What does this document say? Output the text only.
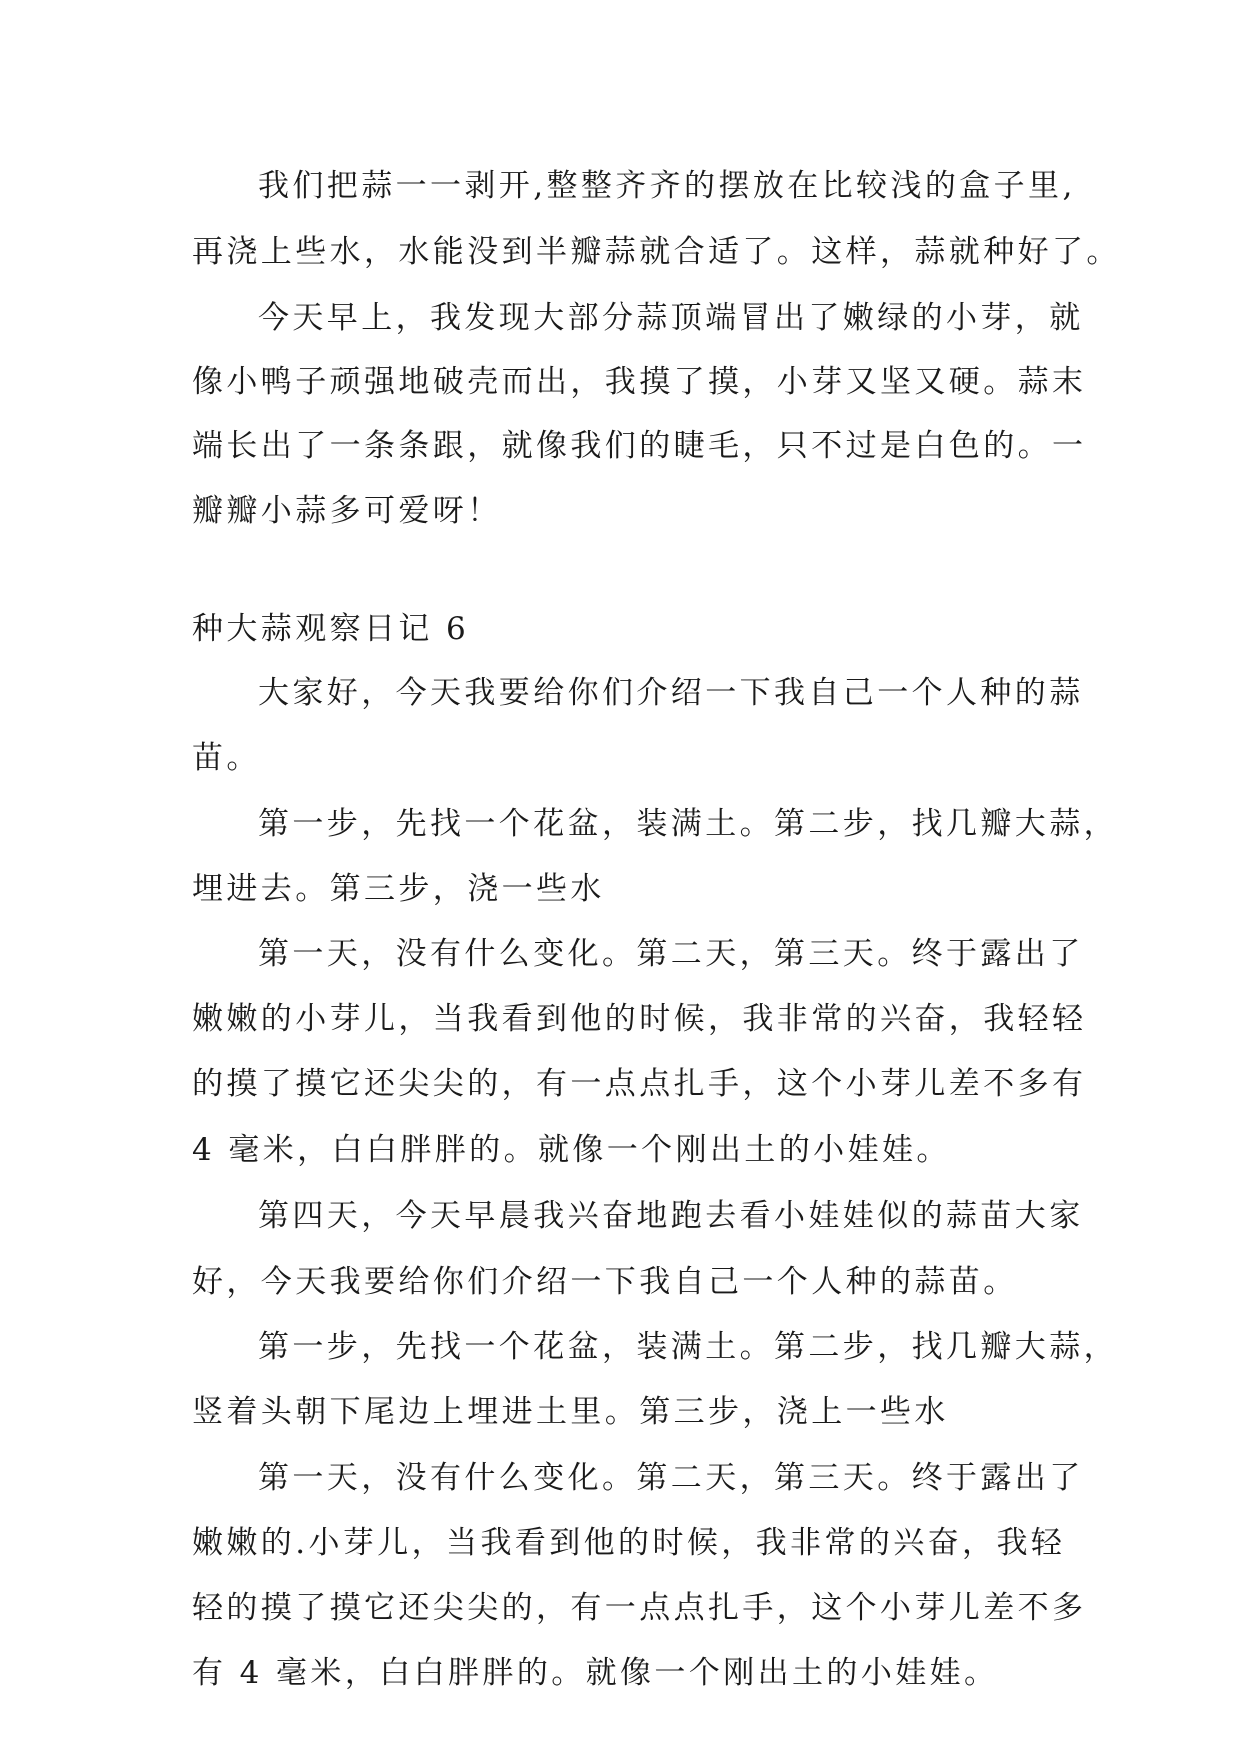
我们把蒜一一剥开,整整齐齐的摆放在比较浅的盒子里,
再浇上些水，水能没到半瓣蒜就合适了。这样，蒜就种好了。
今天早上，我发现大部分蒜顶端冒出了嫩绿的小芽，就
像小鸭子顽强地破壳而出，我摸了摸，小芽又坚又硬。蒜末
端长出了一条条跟，就像我们的睫毛，只不过是白色的。一
瓣瓣小蒜多可爱呀！
种大蒜观察日记 6
大家好，今天我要给你们介绍一下我自己一个人种的蒜
苗。
第一步，先找一个花盆，装满土。第二步，找几瓣大蒜，
埋进去。第三步，浇一些水
第一天，没有什么变化。第二天，第三天。终于露出了
嫩嫩的小芽儿，当我看到他的时候，我非常的兴奋，我轻轻
的摸了摸它还尖尖的，有一点点扎手，这个小芽儿差不多有
4 毫米，白白胖胖的。就像一个刚出土的小娃娃。
第四天，今天早晨我兴奋地跑去看小娃娃似的蒜苗大家
好，今天我要给你们介绍一下我自己一个人种的蒜苗。
第一步，先找一个花盆，装满土。第二步，找几瓣大蒜，
竖着头朝下尾边上埋进土里。第三步，浇上一些水
第一天，没有什么变化。第二天，第三天。终于露出了
嫩嫩的.小芽儿，当我看到他的时候，我非常的兴奋，我轻
轻的摸了摸它还尖尖的，有一点点扎手，这个小芽儿差不多
有 4 毫米，白白胖胖的。就像一个刚出土的小娃娃。
